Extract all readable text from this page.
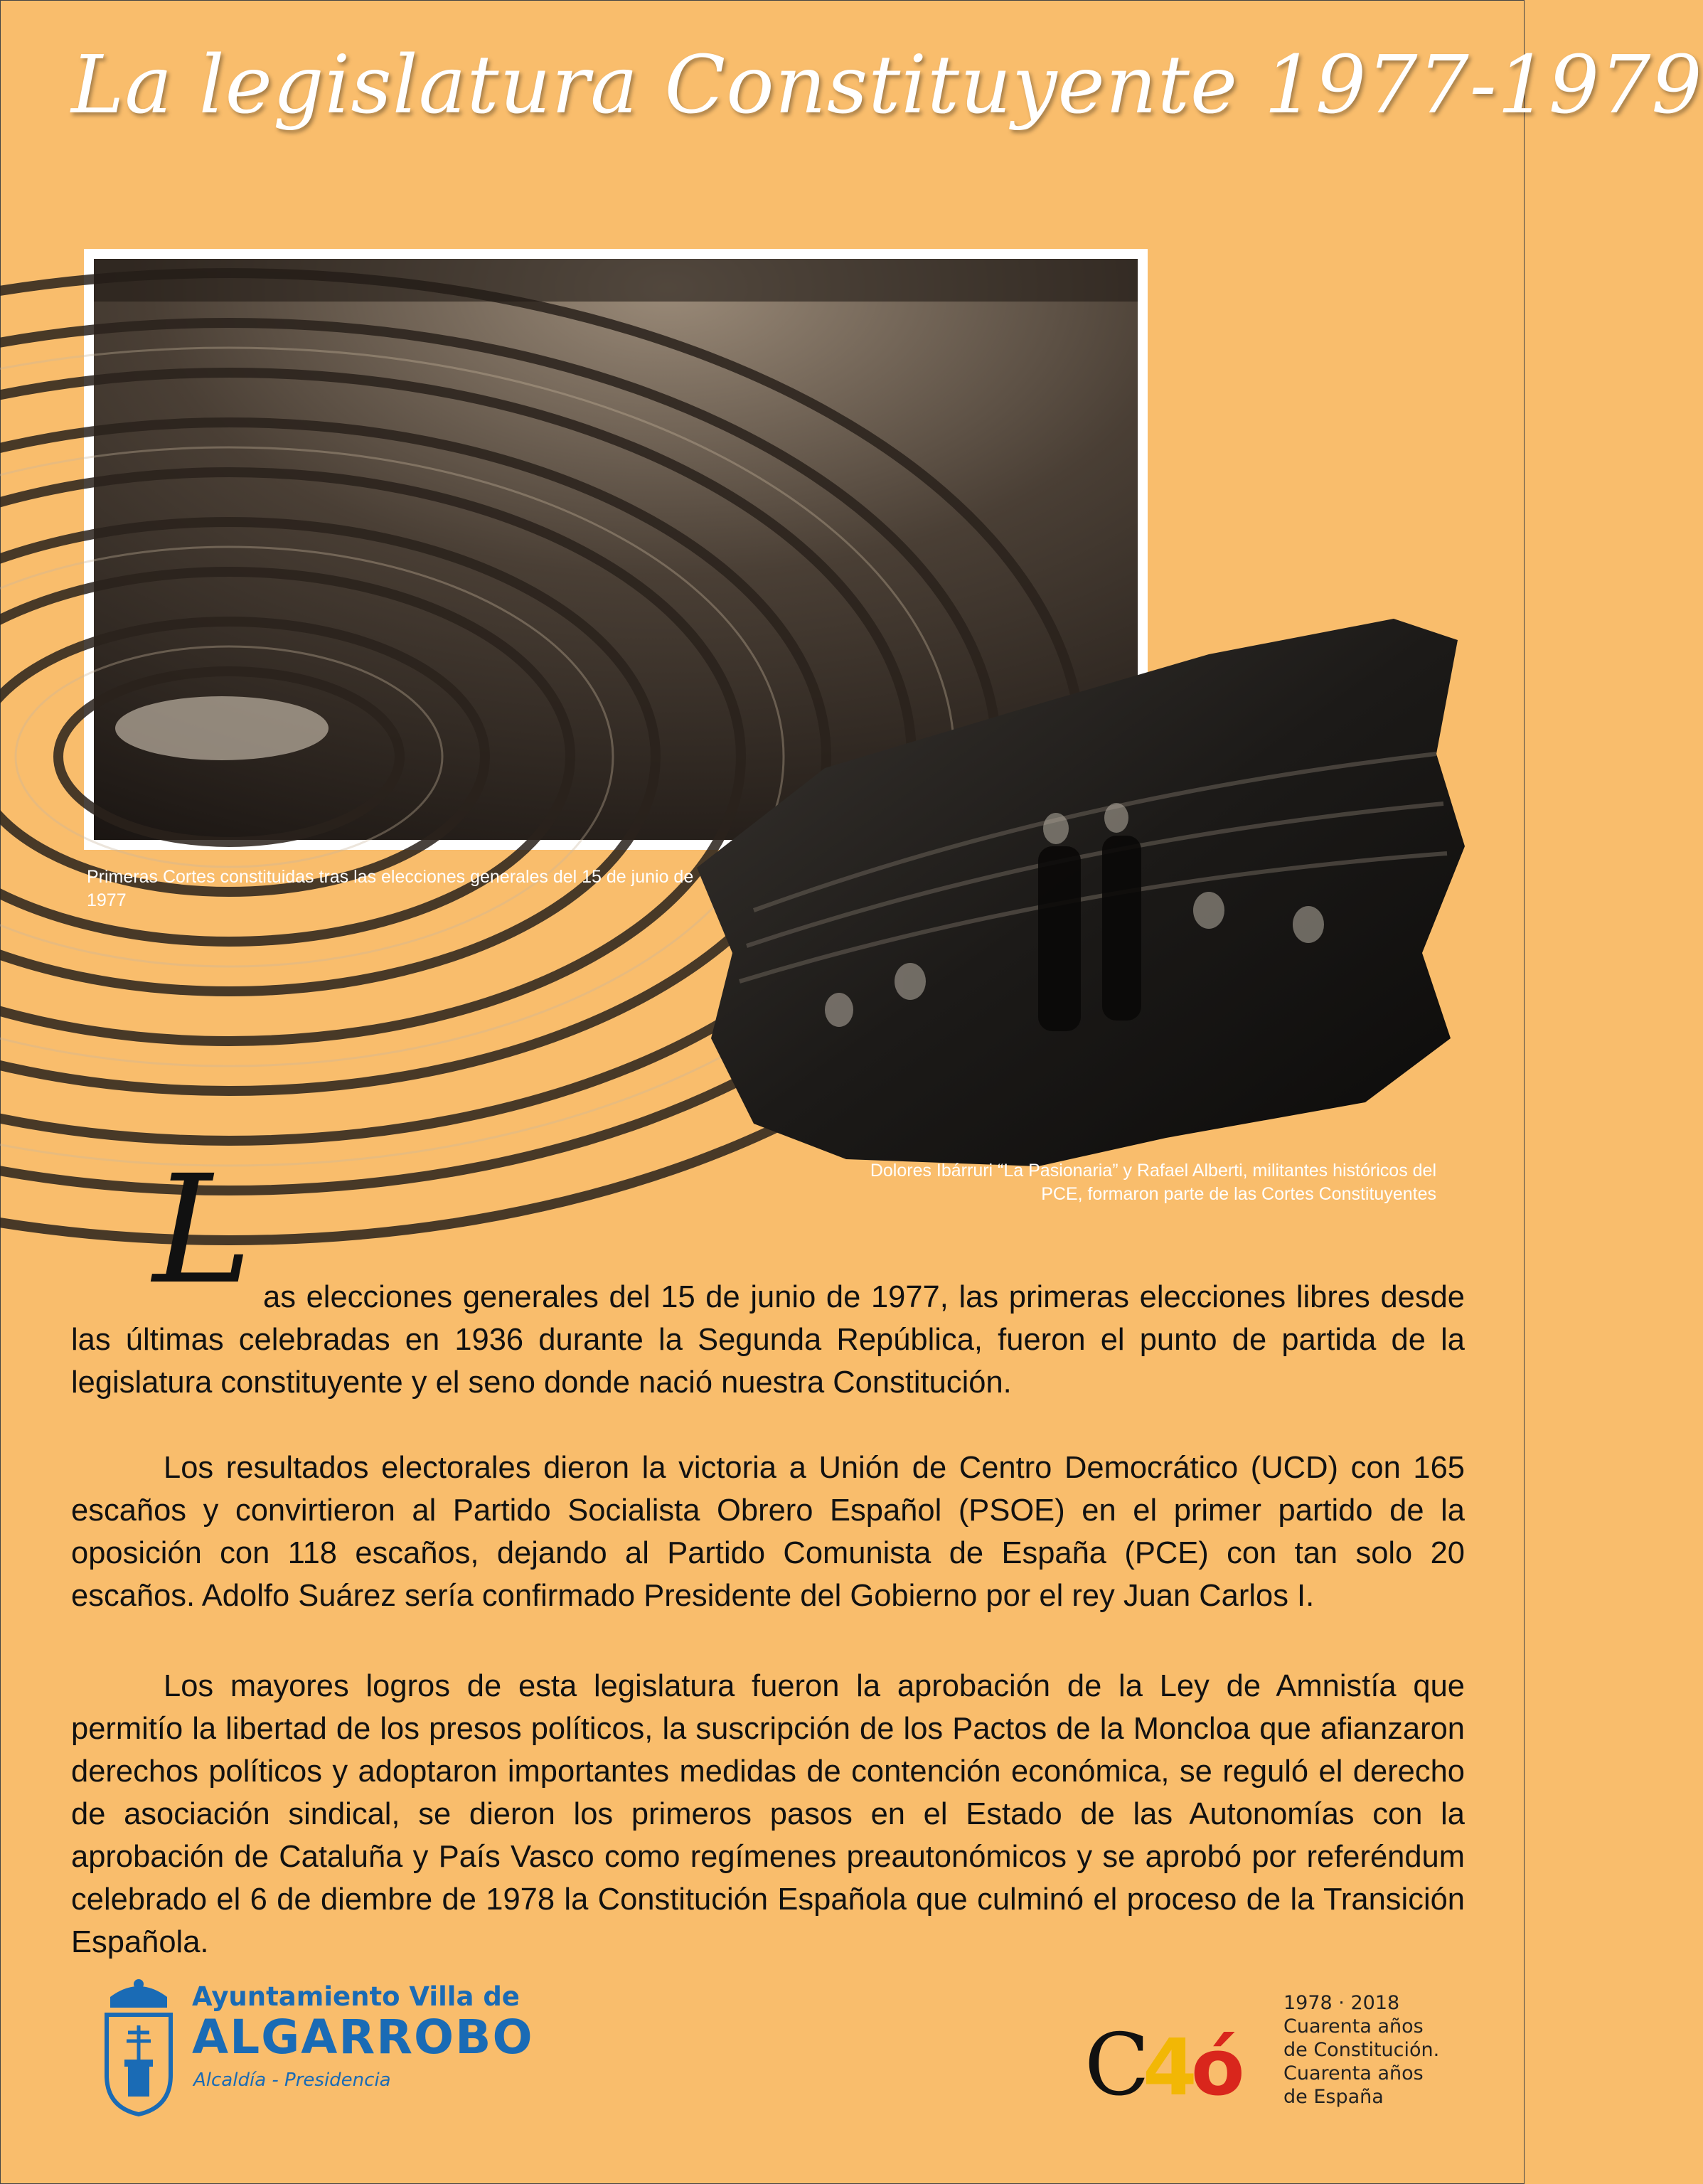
La legislatura Constituyente 1977-1979
Primeras Cortes constituidas tras las elecciones generales del 15 de junio de 1977
Dolores Ibárruri “La Pasionaria” y Rafael Alberti, militantes históricos del PCE, formaron parte de las Cortes Constituyentes
L as elecciones generales del 15 de junio de 1977, las primeras elecciones libres desde las últimas celebradas en 1936 durante la Segunda República, fueron el punto de partida de la legislatura constituyente y el seno donde nació nuestra Constitución.

Los resultados electorales dieron la victoria a Unión de Centro Democrático (UCD) con 165 escaños y convirtieron al Partido Socialista Obrero Español (PSOE) en el primer partido de la oposición con 118 escaños, dejando al Partido Comunista de España (PCE) con tan solo 20 escaños. Adolfo Suárez sería confirmado Presidente del Gobierno por el rey Juan Carlos I.

Los mayores logros de esta legislatura fueron la aprobación de la Ley de Amnistía que permitío la libertad de los presos políticos, la suscripción de los Pactos de la Moncloa que afianzaron derechos políticos y adoptaron importantes medidas de contención económica, se reguló el derecho de asociación sindical, se dieron los primeros pasos en el Estado de las Autonomías con la aprobación de Cataluña y País Vasco como regímenes preautonómicos y se aprobó por referéndum celebrado el 6 de diembre de 1978 la Constitución Española que culminó el proceso de la Transición Española.

Ayuntamiento Villa de
ALGARROBO
Alcaldía - Presidencia	C
4
ó
1978 · 2018
Cuarenta años
de Constitución.
Cuarenta años
de España
